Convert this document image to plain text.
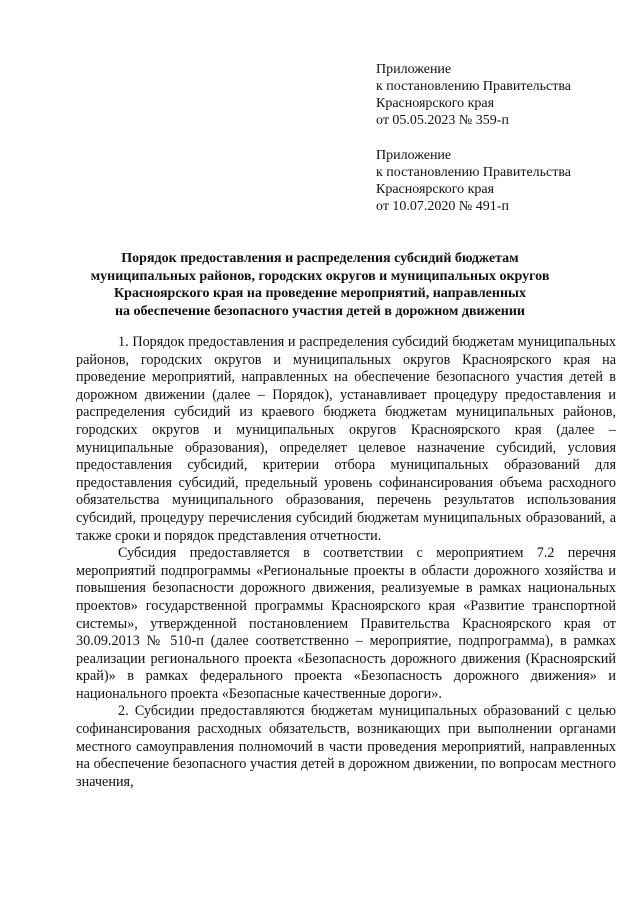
Приложение
к постановлению Правительства
Красноярского края
от 05.05.2023 № 359-п
Приложение
к постановлению Правительства
Красноярского края
от 10.07.2020 № 491-п
Порядок предоставления и распределения субсидий бюджетам
муниципальных районов, городских округов и муниципальных округов
Красноярского края на проведение мероприятий, направленных
на обеспечение безопасного участия детей в дорожном движении

1. Порядок предоставления и распределения субсидий бюджетам муниципальных районов, городских округов и муниципальных округов Красноярского края на проведение мероприятий, направленных на обеспечение безопасного участия детей в дорожном движении (далее – Порядок), устанавливает процедуру предоставления и распределения субсидий из краевого бюджета бюджетам муниципальных районов, городских округов и муниципальных округов Красноярского края (далее – муниципальные образования), определяет целевое назначение субсидий, условия предоставления субсидий, критерии отбора муниципальных образований для предоставления субсидий, предельный уровень софинансирования объема расходного обязательства муниципального образования, перечень результатов использования субсидий, процедуру перечисления субсидий бюджетам муниципальных образований, а также сроки и порядок представления отчетности.

Субсидия предоставляется в соответствии с мероприятием 7.2 перечня мероприятий подпрограммы «Региональные проекты в области дорожного хозяйства и повышения безопасности дорожного движения, реализуемые в рамках национальных проектов» государственной программы Красноярского края «Развитие транспортной системы», утвержденной постановлением Правительства Красноярского края от 30.09.2013 № 510-п (далее соответственно – мероприятие, подпрограмма), в рамках реализации регионального проекта «Безопасность дорожного движения (Красноярский край)» в рамках федерального проекта «Безопасность дорожного движения» и национального проекта «Безопасные качественные дороги».

2. Субсидии предоставляются бюджетам муниципальных образований с целью софинансирования расходных обязательств, возникающих при выполнении органами местного самоуправления полномочий в части проведения мероприятий, направленных на обеспечение безопасного участия детей в дорожном движении, по вопросам местного значения,
